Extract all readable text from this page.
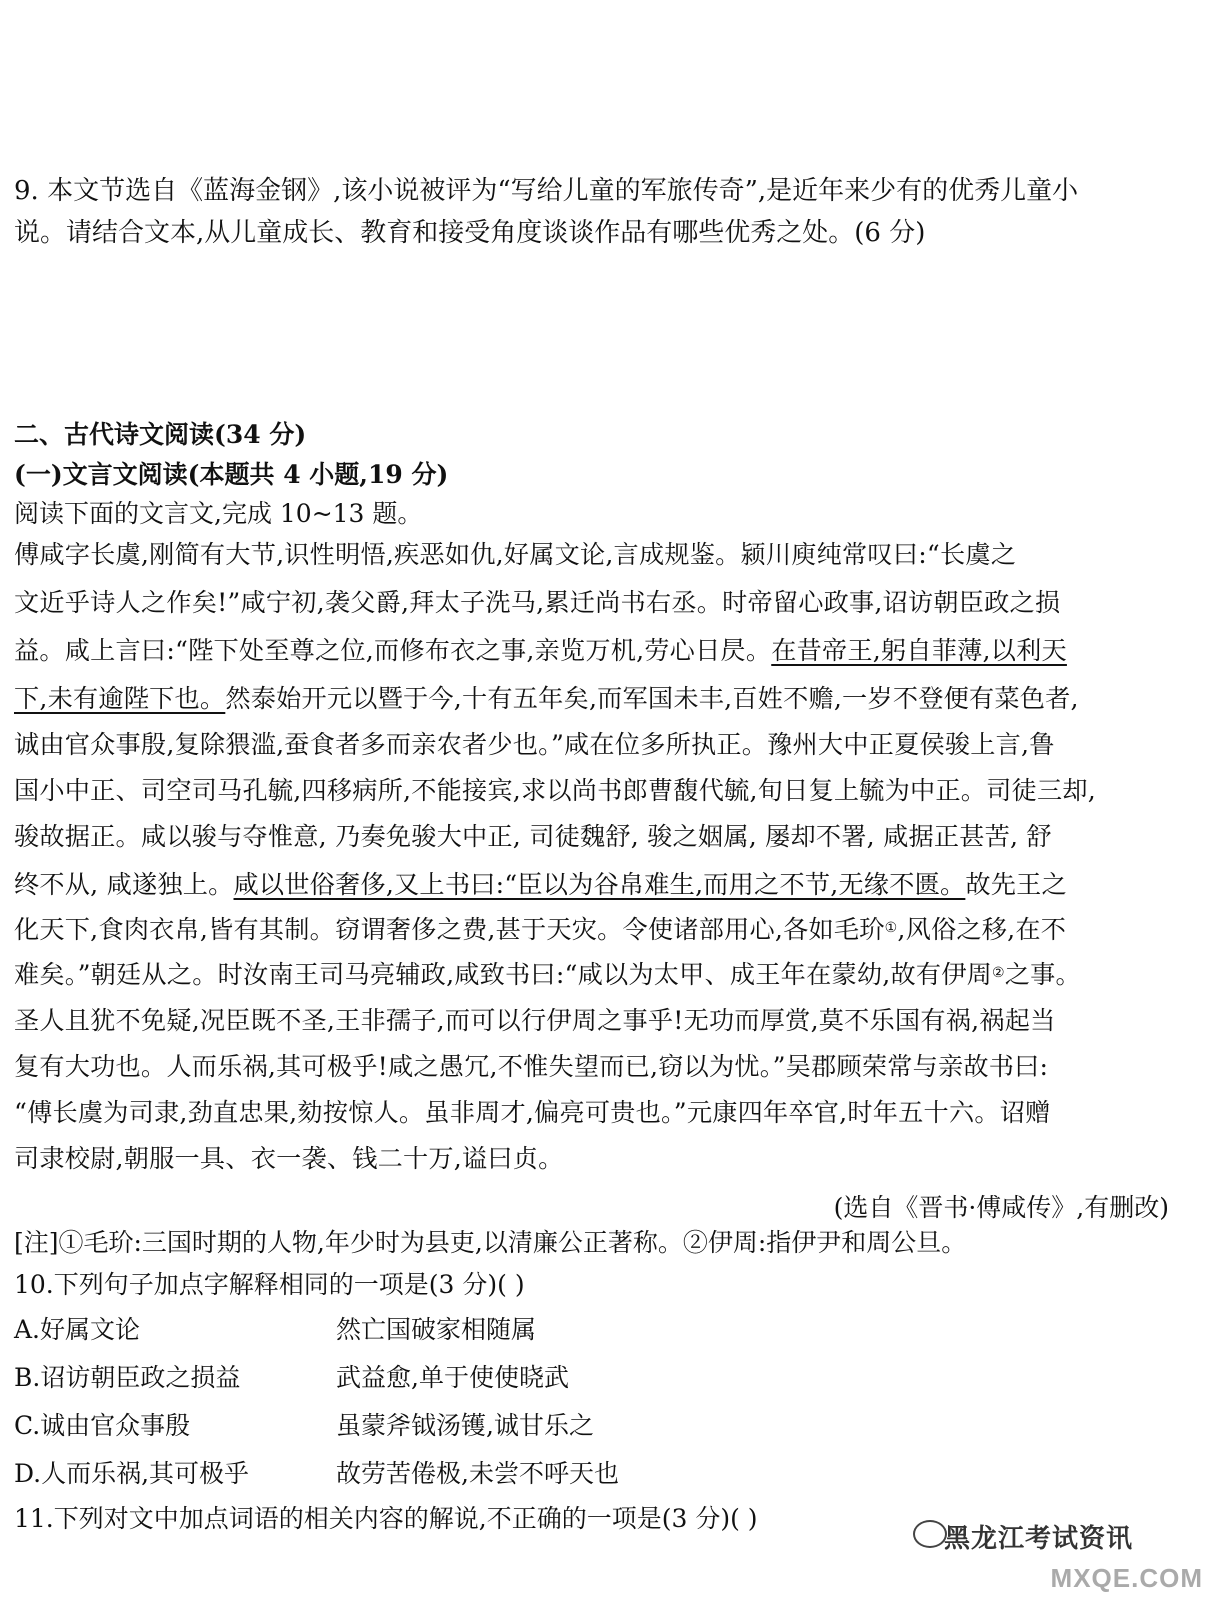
9. 本文节选自《蓝海金钢》,该小说被评为“写给儿童的军旅传奇”,是近年来少有的优秀儿童小
说。请结合文本,从儿童成长、教育和接受角度谈谈作品有哪些优秀之处。(6 分)
二、古代诗文阅读(34 分)
(一)文言文阅读(本题共 4 小题,19 分)
阅读下面的文言文,完成 10~13 题。
傅咸字长虞,刚简有大节,识性明悟,疾恶如仇,好属文论,言成规鉴。颍川庾纯常叹曰:“长虞之
文近乎诗人之作矣!”咸宁初,袭父爵,拜太子洗马,累迁尚书右丞。时帝留心政事,诏访朝臣政之损
益。咸上言曰:“陛下处至尊之位,而修布衣之事,亲览万机,劳心日昃。在昔帝王,躬自菲薄,以利天
下,未有逾陛下也。然泰始开元以暨于今,十有五年矣,而军国未丰,百姓不赡,一岁不登便有菜色者,
诚由官众事殷,复除猥滥,蚕食者多而亲农者少也。”咸在位多所执正。豫州大中正夏侯骏上言,鲁
国小中正、司空司马孔毓,四移病所,不能接宾,求以尚书郎曹馥代毓,旬日复上毓为中正。司徒三却,
骏故据正。咸以骏与夺惟意, 乃奏免骏大中正, 司徒魏舒, 骏之姻属, 屡却不署, 咸据正甚苦, 舒
终不从, 咸遂独上。咸以世俗奢侈,又上书曰:“臣以为谷帛难生,而用之不节,无缘不匮。故先王之
化天下,食肉衣帛,皆有其制。窃谓奢侈之费,甚于天灾。令使诸部用心,各如毛玠①,风俗之移,在不
难矣。”朝廷从之。时汝南王司马亮辅政,咸致书曰:“咸以为太甲、成王年在蒙幼,故有伊周②之事。
圣人且犹不免疑,况臣既不圣,王非孺子,而可以行伊周之事乎!无功而厚赏,莫不乐国有祸,祸起当
复有大功也。人而乐祸,其可极乎!咸之愚冗,不惟失望而已,窃以为忧。”吴郡顾荣常与亲故书曰:
“傅长虞为司隶,劲直忠果,劾按惊人。虽非周才,偏亮可贵也。”元康四年卒官,时年五十六。诏赠
司隶校尉,朝服一具、衣一袭、钱二十万,谥曰贞。
(选自《晋书·傅咸传》,有删改)
[注]①毛玠:三国时期的人物,年少时为县吏,以清廉公正著称。②伊周:指伊尹和周公旦。
10.下列句子加点字解释相同的一项是(3 分)( )
A.好属文论	然亡国破家相随属
B.诏访朝臣政之损益	武益愈,单于使使晓武
C.诚由官众事殷	虽蒙斧钺汤镬,诚甘乐之
D.人而乐祸,其可极乎	故劳苦倦极,未尝不呼天也
11.下列对文中加点词语的相关内容的解说,不正确的一项是(3 分)( )
黑龙江考试资讯
MXQE.COM
